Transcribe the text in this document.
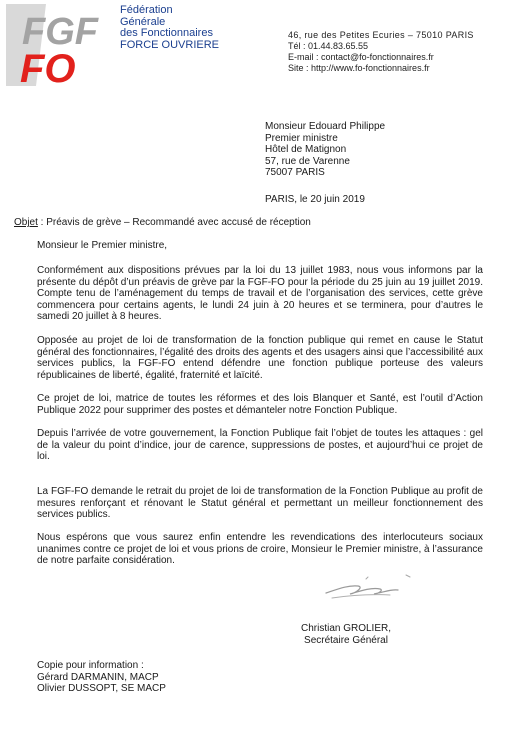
FGF
FO
Fédération
Générale
des Fonctionnaires
FORCE OUVRIERE
46, rue des Petites Ecuries – 75010 PARIS
Tél : 01.44.83.65.55
E-mail : contact@fo-fonctionnaires.fr
Site : http://www.fo-fonctionnaires.fr
Monsieur Edouard Philippe
Premier ministre
Hôtel de Matignon
57, rue de Varenne
75007 PARIS
PARIS, le 20 juin 2019
Objet : Préavis de grève – Recommandé avec accusé de réception
Monsieur le Premier ministre,

Conformément aux dispositions prévues par la loi du 13 juillet 1983, nous vous informons par la présente du dépôt d’un préavis de grève par la FGF-FO pour la période du 25 juin au 19 juillet 2019. Compte tenu de l’aménagement du temps de travail et de l’organisation des services, cette grève commencera pour certains agents, le lundi 24 juin à 20 heures et se terminera, pour d’autres le samedi 20 juillet à 8 heures.

Opposée au projet de loi de transformation de la fonction publique qui remet en cause le Statut général des fonctionnaires, l’égalité des droits des agents et des usagers ainsi que l’accessibilité aux services publics, la FGF-FO entend défendre une fonction publique porteuse des valeurs républicaines de liberté, égalité, fraternité et laïcité.

Ce projet de loi, matrice de toutes les réformes et des lois Blanquer et Santé, est l’outil d’Action Publique 2022 pour supprimer des postes et démanteler notre Fonction Publique.

Depuis l’arrivée de votre gouvernement, la Fonction Publique fait l’objet de toutes les attaques : gel de la valeur du point d’indice, jour de carence, suppressions de postes, et aujourd’hui ce projet de loi.

La FGF-FO demande le retrait du projet de loi de transformation de la Fonction Publique au profit de mesures renforçant et rénovant le Statut général et permettant un meilleur fonctionnement des services publics.

Nous espérons que vous saurez enfin entendre les revendications des interlocuteurs sociaux unanimes contre ce projet de loi et vous prions de croire, Monsieur le Premier ministre, à l’assurance de notre parfaite considération.

Christian GROLIER,
Secrétaire Général
Copie pour information :
Gérard DARMANIN, MACP
Olivier DUSSOPT, SE MACP
